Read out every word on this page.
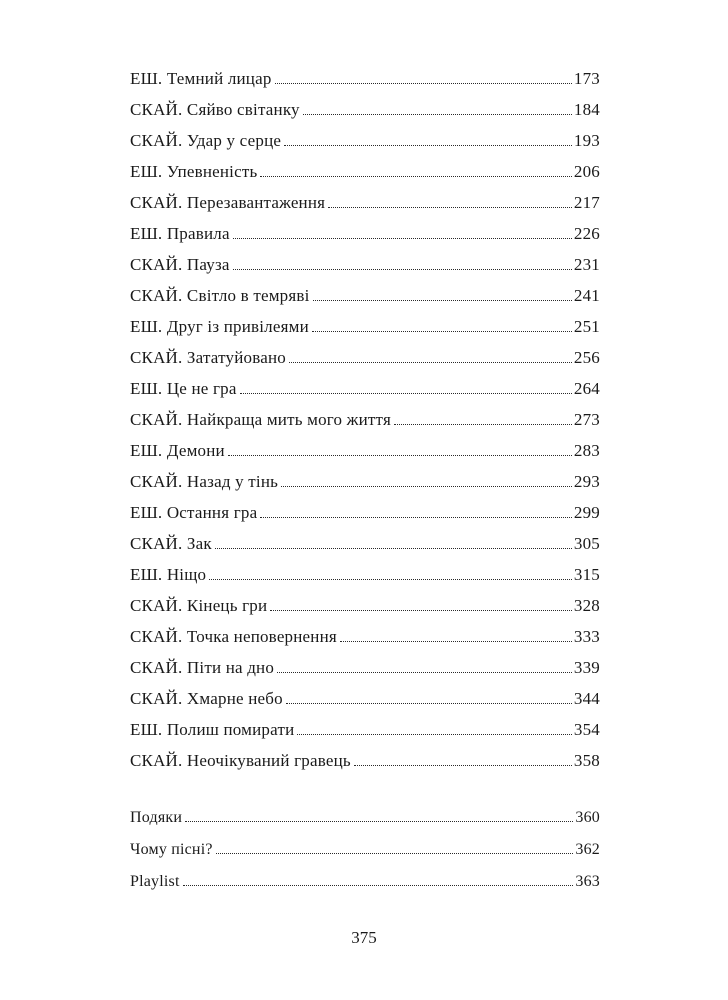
ЕШ. Темний лицар	173
СКАЙ. Сяйво світанку	184
СКАЙ. Удар у серце	193
ЕШ. Упевненість	206
СКАЙ. Перезавантаження	217
ЕШ. Правила	226
СКАЙ. Пауза	231
СКАЙ. Світло в темряві	241
ЕШ. Друг із привілеями	251
СКАЙ. Зататуйовано	256
ЕШ. Це не гра	264
СКАЙ. Найкраща мить мого життя	273
ЕШ. Демони	283
СКАЙ. Назад у тінь	293
ЕШ. Остання гра	299
СКАЙ. Зак	305
ЕШ. Ніщо	315
СКАЙ. Кінець гри	328
СКАЙ. Точка неповернення	333
СКАЙ. Піти на дно	339
СКАЙ. Хмарне небо	344
ЕШ. Полиш помирати	354
СКАЙ. Неочікуваний гравець	358
Подяки	360
Чому пісні?	362
Playlist	363
375
